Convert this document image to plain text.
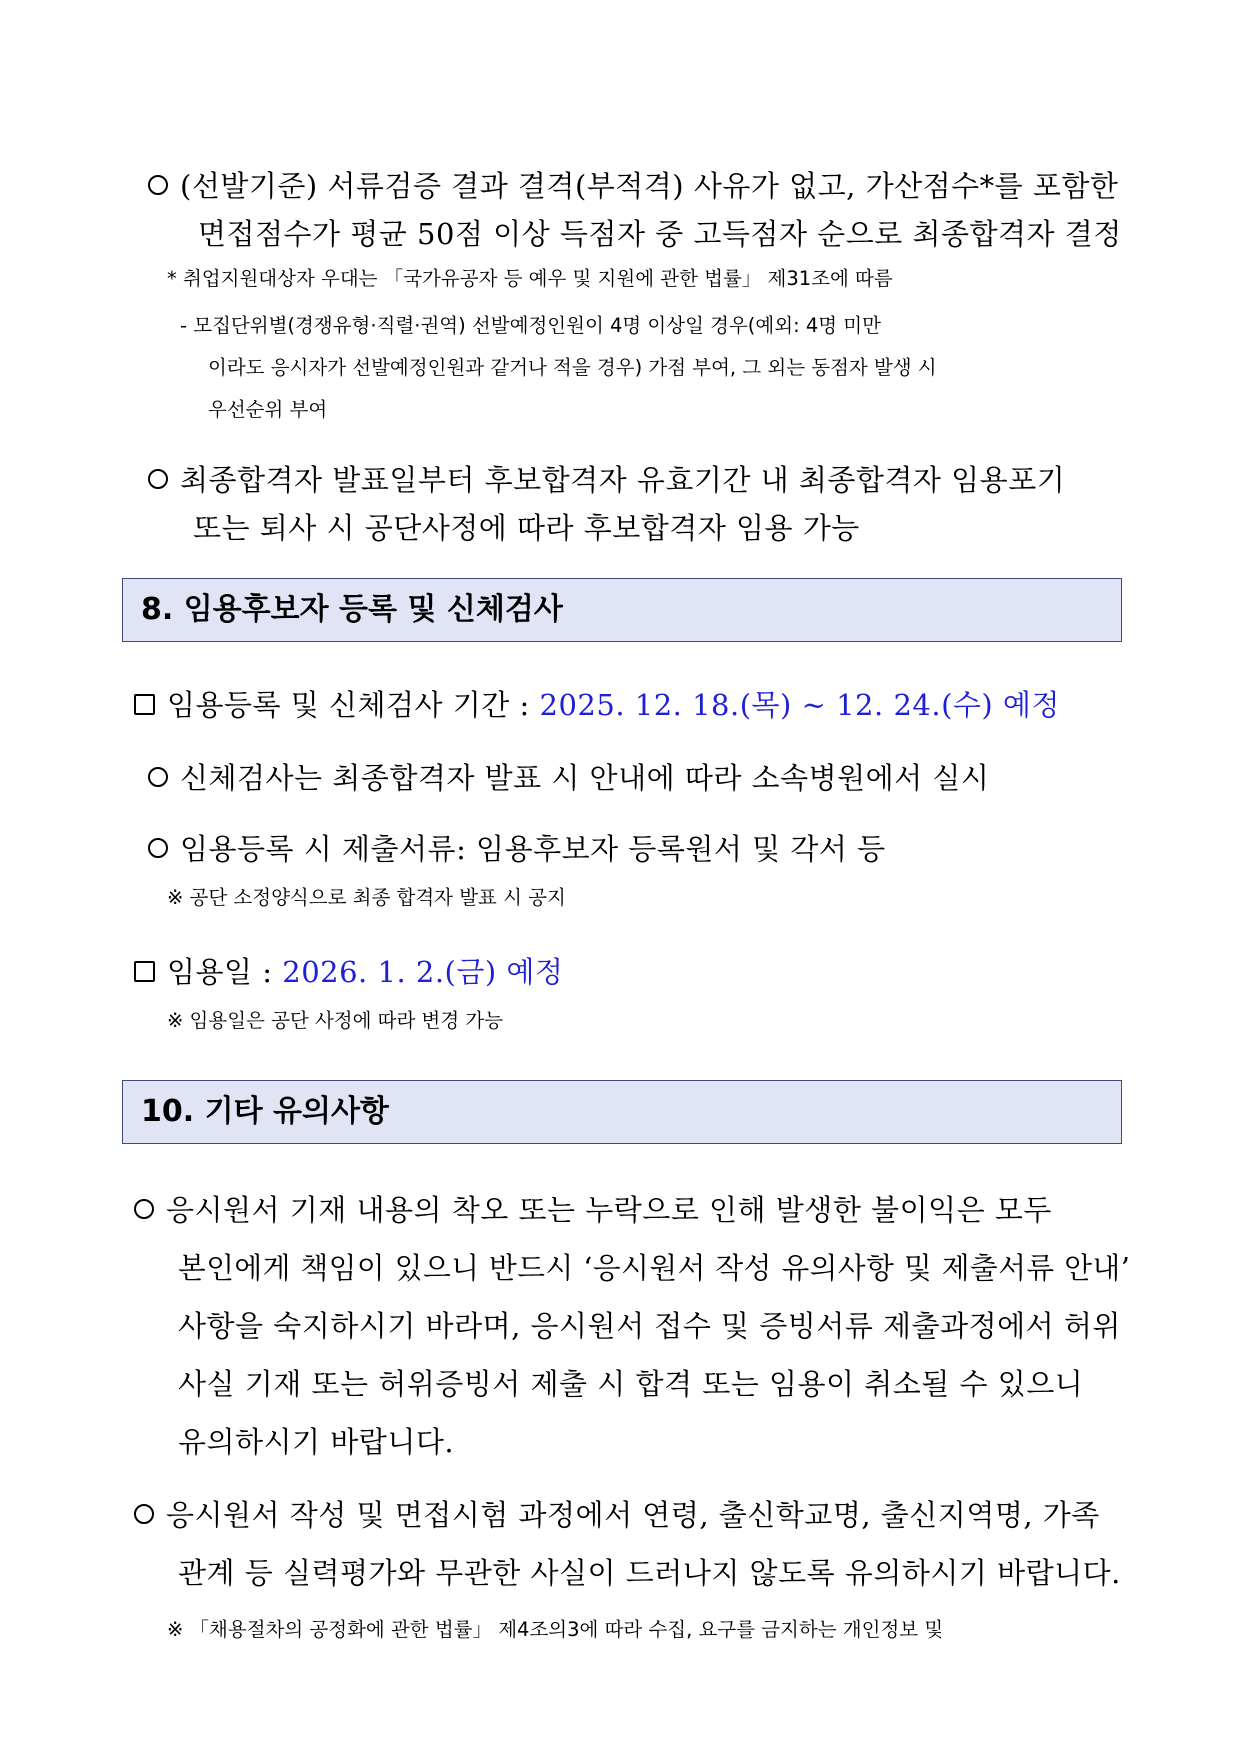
(선발기준) 서류검증 결과 결격(부적격) 사유가 없고, 가산점수*를 포함한
면접점수가 평균 50점 이상 득점자 중 고득점자 순으로 최종합격자 결정
* 취업지원대상자 우대는 「국가유공자 등 예우 및 지원에 관한 법률」 제31조에 따름
- 모집단위별(경쟁유형·직렬·권역) 선발예정인원이 4명 이상일 경우(예외: 4명 미만
이라도 응시자가 선발예정인원과 같거나 적을 경우) 가점 부여, 그 외는 동점자 발생 시
우선순위 부여
최종합격자 발표일부터 후보합격자 유효기간 내 최종합격자 임용포기
또는 퇴사 시 공단사정에 따라 후보합격자 임용 가능
8. 임용후보자 등록 및 신체검사
임용등록 및 신체검사 기간 : 2025. 12. 18.(목) ~ 12. 24.(수) 예정
신체검사는 최종합격자 발표 시 안내에 따라 소속병원에서 실시
임용등록 시 제출서류: 임용후보자 등록원서 및 각서 등
※ 공단 소정양식으로 최종 합격자 발표 시 공지
임용일 : 2026. 1. 2.(금) 예정
※ 임용일은 공단 사정에 따라 변경 가능
10. 기타 유의사항
응시원서 기재 내용의 착오 또는 누락으로 인해 발생한 불이익은 모두
본인에게 책임이 있으니 반드시 ‘응시원서 작성 유의사항 및 제출서류 안내’
사항을 숙지하시기 바라며, 응시원서 접수 및 증빙서류 제출과정에서 허위
사실 기재 또는 허위증빙서 제출 시 합격 또는 임용이 취소될 수 있으니
유의하시기 바랍니다.
응시원서 작성 및 면접시험 과정에서 연령, 출신학교명, 출신지역명, 가족
관계 등 실력평가와 무관한 사실이 드러나지 않도록 유의하시기 바랍니다.
※ 「채용절차의 공정화에 관한 법률」 제4조의3에 따라 수집, 요구를 금지하는 개인정보 및
